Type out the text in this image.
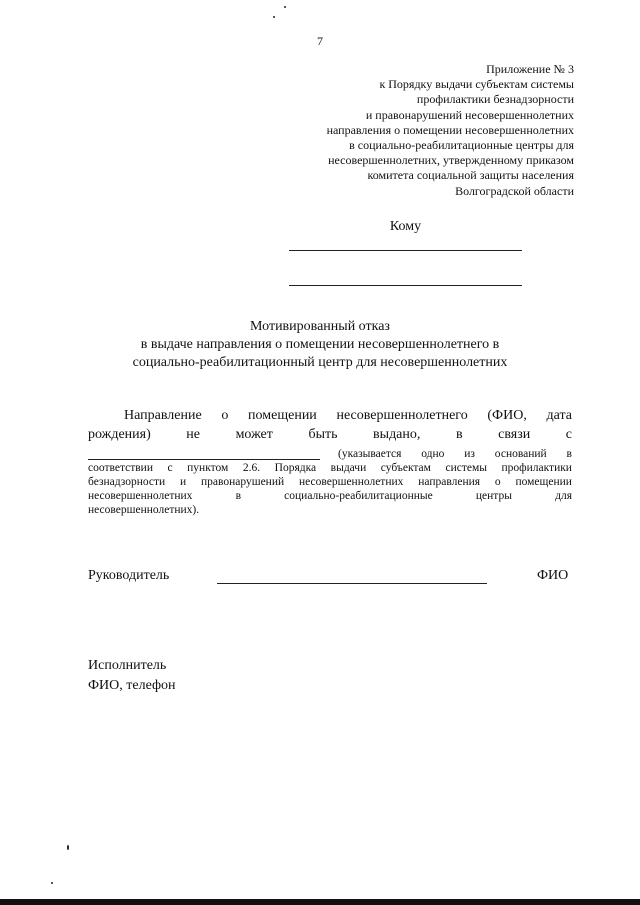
7
Приложение № 3
к Порядку выдачи субъектам системы
профилактики безнадзорности
и правонарушений несовершеннолетних
направления о помещении несовершеннолетних
в социально-реабилитационные центры для
несовершеннолетних, утвержденному приказом
комитета социальной защиты населения
Волгоградской области
Кому
Мотивированный отказ
в выдаче направления о помещении несовершеннолетнего в
социально-реабилитационный центр для несовершеннолетних
Направление о помещении несовершеннолетнего (ФИО, дата
рождения)	не	может	быть	выдано,	в	связи	с
(указывается одно из оснований в
соответствии с пунктом 2.6. Порядка выдачи субъектам системы профилактики
безнадзорности и правонарушений несовершеннолетних направления о помещении
несовершеннолетних	в	социально-реабилитационные	центры	для
несовершеннолетних).
Руководитель	ФИО
Исполнитель
ФИО, телефон
